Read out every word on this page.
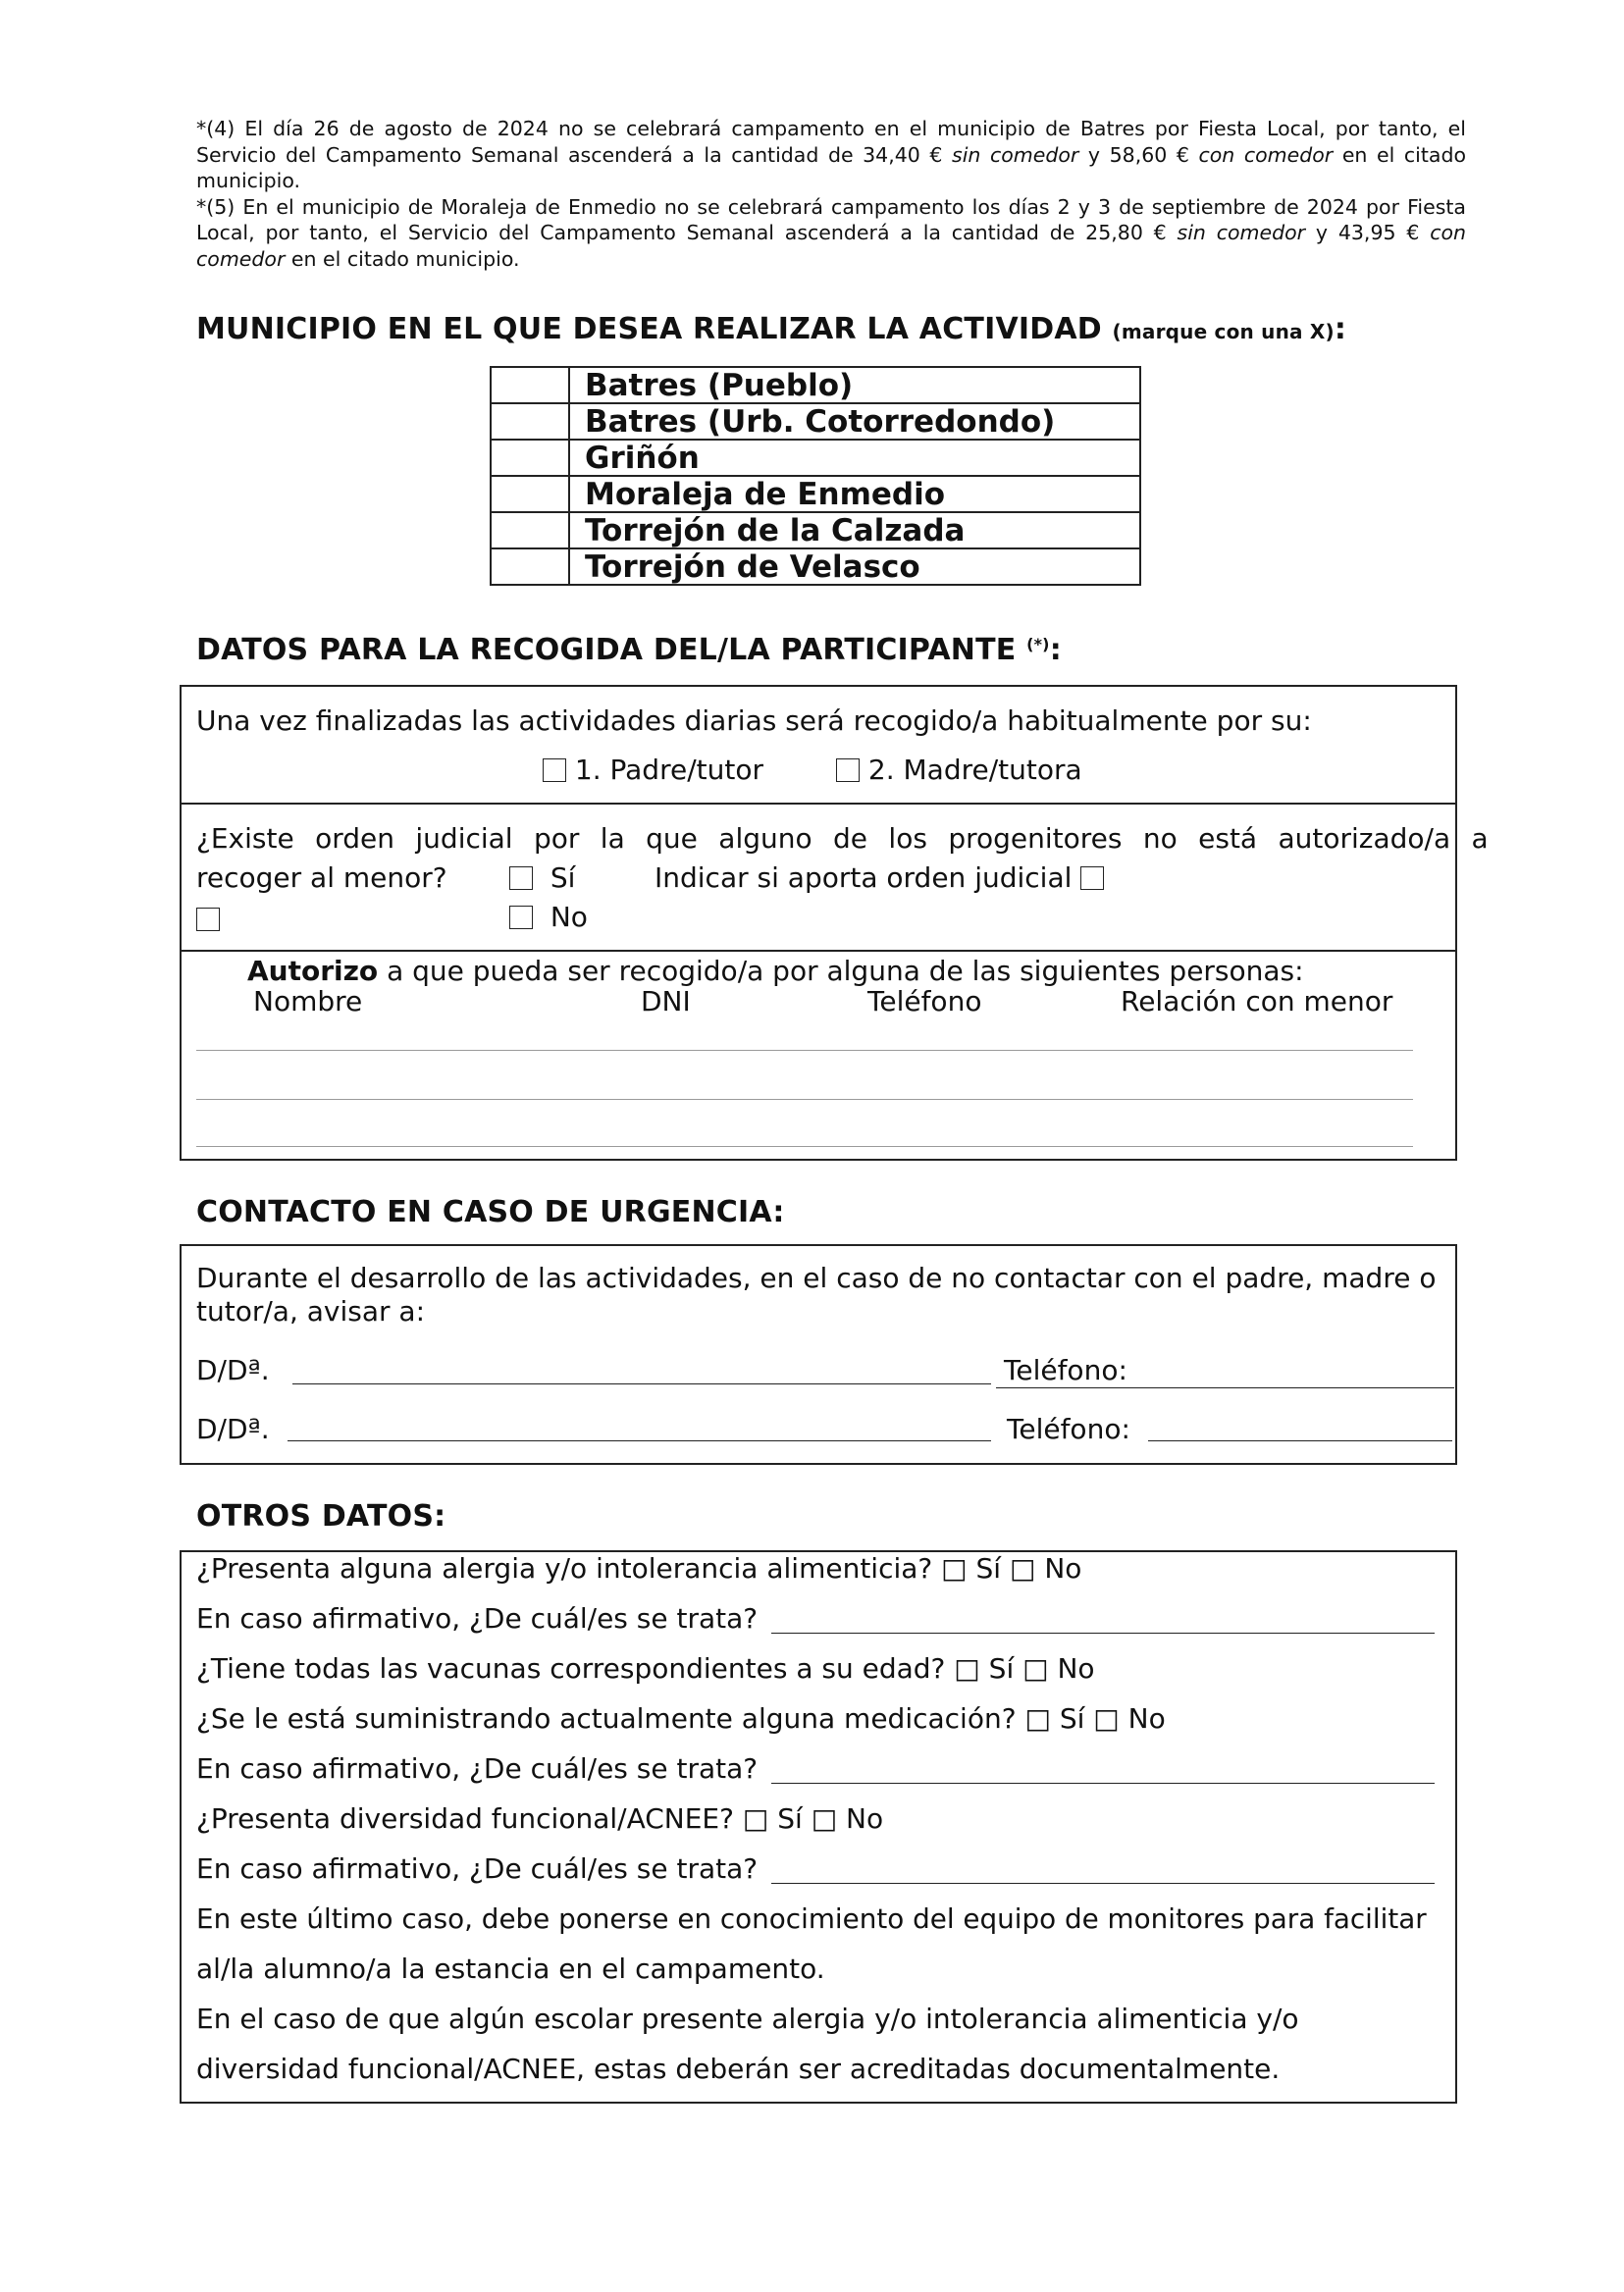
*(4) El día 26 de agosto de 2024 no se celebrará campamento en el municipio de Batres por Fiesta Local, por tanto, el Servicio del Campamento Semanal ascenderá a la cantidad de 34,40 € sin comedor y 58,60 € con comedor en el citado municipio.

*(5) En el municipio de Moraleja de Enmedio no se celebrará campamento los días 2 y 3 de septiembre de 2024 por Fiesta Local, por tanto, el Servicio del Campamento Semanal ascenderá a la cantidad de 25,80 € sin comedor y 43,95 € con comedor en el citado municipio.

MUNICIPIO EN EL QUE DESEA REALIZAR LA ACTIVIDAD (marque con una X):
	Batres (Pueblo)
	Batres (Urb. Cotorredondo)
	Griñón
	Moraleja de Enmedio
	Torrejón de la Calzada
	Torrejón de Velasco
DATOS PARA LA RECOGIDA DEL/LA PARTICIPANTE (*):
Una vez finalizadas las actividades diarias será recogido/a habitualmente por su:
1. Padre/tutor	2. Madre/tutora
¿Existe orden judicial por la que alguno de los progenitores no está autorizado/a a
recoger al menor?	Sí	Indicar si aporta orden judicial
No
Autorizo a que pueda ser recogido/a por alguna de las siguientes personas:
Nombre	DNI	Teléfono	Relación con menor
CONTACTO EN CASO DE URGENCIA:
Durante el desarrollo de las actividades, en el caso de no contactar con el padre, madre o
tutor/a, avisar a:
D/Dª.	Teléfono:
D/Dª.	Teléfono:
OTROS DATOS:
¿Presenta alguna alergia y/o intolerancia alimenticia? □ Sí □ No
En caso afirmativo, ¿De cuál/es se trata?
¿Tiene todas las vacunas correspondientes a su edad? □ Sí □ No
¿Se le está suministrando actualmente alguna medicación? □ Sí □ No
En caso afirmativo, ¿De cuál/es se trata?
¿Presenta diversidad funcional/ACNEE? □ Sí □ No
En caso afirmativo, ¿De cuál/es se trata?
En este último caso, debe ponerse en conocimiento del equipo de monitores para facilitar
al/la alumno/a la estancia en el campamento.
En el caso de que algún escolar presente alergia y/o intolerancia alimenticia y/o
diversidad funcional/ACNEE, estas deberán ser acreditadas documentalmente.
